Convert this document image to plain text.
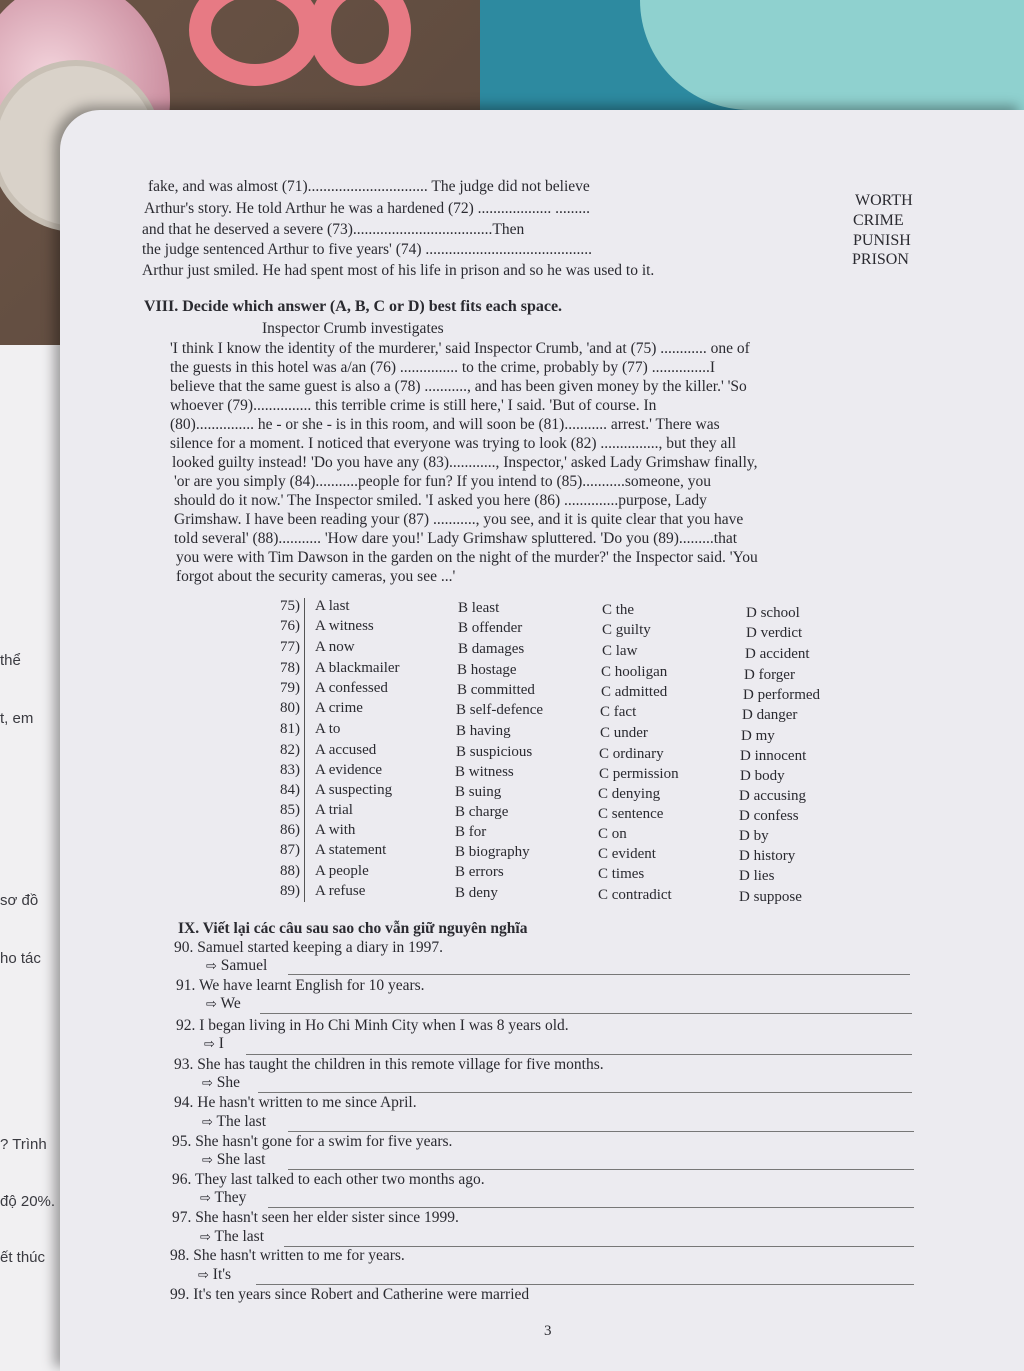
thể
t, em
sơ đồ
ho tác
? Trình
độ 20%.
ết thúc
fake, and was almost (71)............................... The judge did not believe
Arthur's story. He told Arthur he was a hardened (72) ................... .........
and that he deserved a severe (73)....................................Then
the judge sentenced Arthur to five years' (74) ...........................................
Arthur just smiled. He had spent most of his life in prison and so he was used to it.
WORTH
CRIME
PUNISH
PRISON
VIII. Decide which answer (A, B, C or D) best fits each space.
Inspector Crumb investigates
'I think I know the identity of the murderer,' said Inspector Crumb, 'and at (75) ............ one of
the guests in this hotel was a/an (76) ............... to the crime, probably by (77) ...............I
believe that the same guest is also a (78) ..........., and has been given money by the killer.' 'So
whoever (79)............... this terrible crime is still here,' I said. 'But of course. In
(80)............... he - or she - is in this room, and will soon be (81)........... arrest.' There was
silence for a moment. I noticed that everyone was trying to look (82) ..............., but they all
looked guilty instead! 'Do you have any (83)............, Inspector,' asked Lady Grimshaw finally,
'or are you simply (84)...........people for fun? If you intend to (85)...........someone, you
should do it now.' The Inspector smiled. 'I asked you here (86) ..............purpose, Lady
Grimshaw. I have been reading your (87) ..........., you see, and it is quite clear that you have
told several' (88)........... 'How dare you!' Lady Grimshaw spluttered. 'Do you (89).........that
you were with Tim Dawson in the garden on the night of the murder?' the Inspector said. 'You
forgot about the security cameras, you see ...'
75) A last	B least	C the	D school
76) A witness	B offender	C guilty	D verdict
77) A now	B damages	C law	D accident
78) A blackmailer	B hostage	C hooligan	D forger
79) A confessed	B committed	C admitted	D performed
80) A crime	B self-defence	C fact	D danger
81) A to	B having	C under	D my
82) A accused	B suspicious	C ordinary	D innocent
83) A evidence	B witness	C permission	D body
84) A suspecting	B suing	C denying	D accusing
85) A trial	B charge	C sentence	D confess
86) A with	B for	C on	D by
87) A statement	B biography	C evident	D history
88) A people	B errors	C times	D lies
89) A refuse	B deny	C contradict	D suppose
IX. Viết lại các câu sau sao cho vẫn giữ nguyên nghĩa
90. Samuel started keeping a diary in 1997.
⇨ Samuel
91. We have learnt English for 10 years.
⇨ We
92. I began living in Ho Chi Minh City when I was 8 years old.
⇨ I
93. She has taught the children in this remote village for five months.
⇨ She
94. He hasn't written to me since April.
⇨ The last
95. She hasn't gone for a swim for five years.
⇨ She last
96. They last talked to each other two months ago.
⇨ They
97. She hasn't seen her elder sister since 1999.
⇨ The last
98. She hasn't written to me for years.
⇨ It's
99. It's ten years since Robert and Catherine were married
3
